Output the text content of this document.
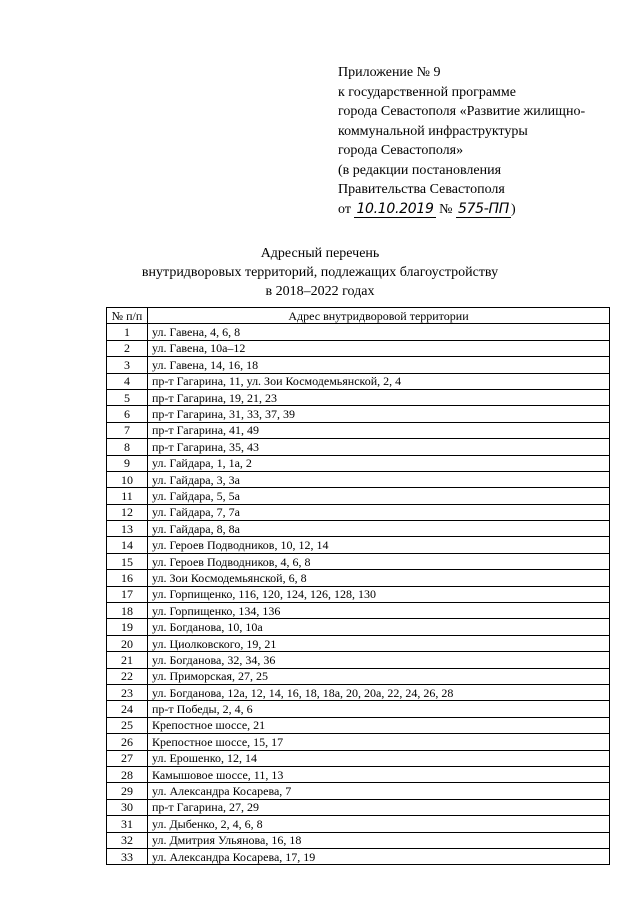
Приложение № 9
к государственной программе
города Севастополя «Развитие жилищно-
коммунальной инфраструктуры
города Севастополя»
(в редакции постановления
Правительства Севастополя
от 10.10.2019 № 575-ПП )
Адресный перечень
внутридворовых территорий, подлежащих благоустройству
в 2018–2022 годах
№ п/п	Адрес внутридворовой территории
1	ул. Гавена, 4, 6, 8
2	ул. Гавена, 10а–12
3	ул. Гавена, 14, 16, 18
4	пр-т Гагарина, 11, ул. Зои Космодемьянской, 2, 4
5	пр-т Гагарина, 19, 21, 23
6	пр-т Гагарина, 31, 33, 37, 39
7	пр-т Гагарина, 41, 49
8	пр-т Гагарина, 35, 43
9	ул. Гайдара, 1, 1а, 2
10	ул. Гайдара, 3, 3а
11	ул. Гайдара, 5, 5а
12	ул. Гайдара, 7, 7а
13	ул. Гайдара, 8, 8а
14	ул. Героев Подводников, 10, 12, 14
15	ул. Героев Подводников, 4, 6, 8
16	ул. Зои Космодемьянской, 6, 8
17	ул. Горпищенко, 116, 120, 124, 126, 128, 130
18	ул. Горпищенко, 134, 136
19	ул. Богданова, 10, 10а
20	ул. Циолковского, 19, 21
21	ул. Богданова, 32, 34, 36
22	ул. Приморская, 27, 25
23	ул. Богданова, 12а, 12, 14, 16, 18, 18а, 20, 20а, 22, 24, 26, 28
24	пр-т Победы, 2, 4, 6
25	Крепостное шоссе, 21
26	Крепостное шоссе, 15, 17
27	ул. Ерошенко, 12, 14
28	Камышовое шоссе, 11, 13
29	ул. Александра Косарева, 7
30	пр-т Гагарина, 27, 29
31	ул. Дыбенко, 2, 4, 6, 8
32	ул. Дмитрия Ульянова, 16, 18
33	ул. Александра Косарева, 17, 19
